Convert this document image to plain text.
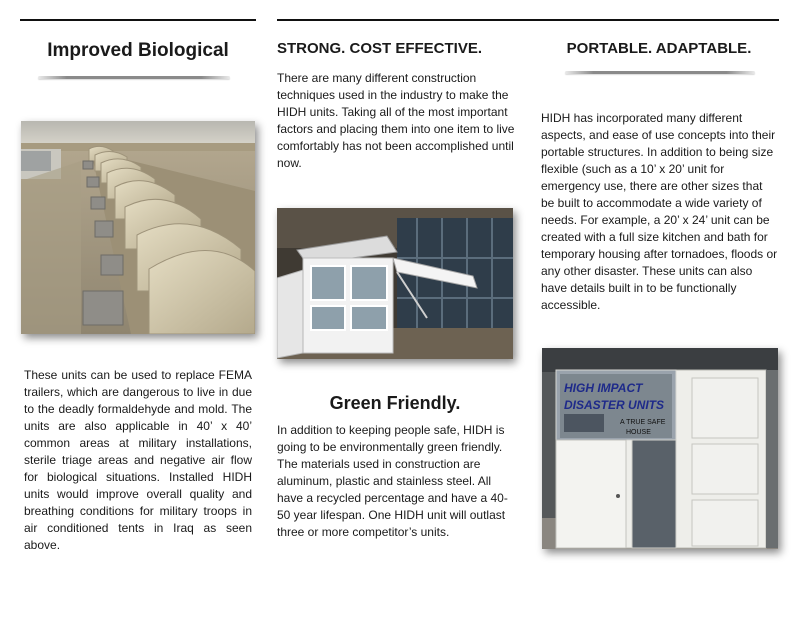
Improved Biological

These units can be used to replace FEMA trailers, which are dangerous to live in due to the deadly formaldehyde and mold. The units are also applicable in 40’ x 40’ common areas at military installations, sterile triage areas and negative air flow for biological situations. Installed HIDH units would improve overall quality and breathing conditions for military troops in air conditioned tents in Iraq as seen above.

STRONG. COST EFFECTIVE.

There are many different construction techniques used in the industry to make the HIDH units. Taking all of the most important factors and placing them into one item to live comfortably has not been accomplished until now.

Green Friendly.

In addition to keeping people safe, HIDH is going to be environmentally green friendly. The materials used in construction are aluminum, plastic and stainless steel. All have a recycled percentage and have a 40-50 year lifespan. One HIDH unit will outlast three or more competitor’s units.

PORTABLE. ADAPTABLE.

HIDH has incorporated many different aspects, and ease of use concepts into their portable structures. In addition to being size flexible (such as a 10’ x 20’ unit for emergency use, there are other sizes that be built to accommodate a wide variety of needs. For example, a 20’ x 24’ unit can be created with a full size kitchen and bath for temporary housing after tornadoes, floods or any other disaster. These units can also have details built in to be functionally accessible.

HIGH IMPACT
DISASTER UNITS
A TRUE SAFE
HOUSE
